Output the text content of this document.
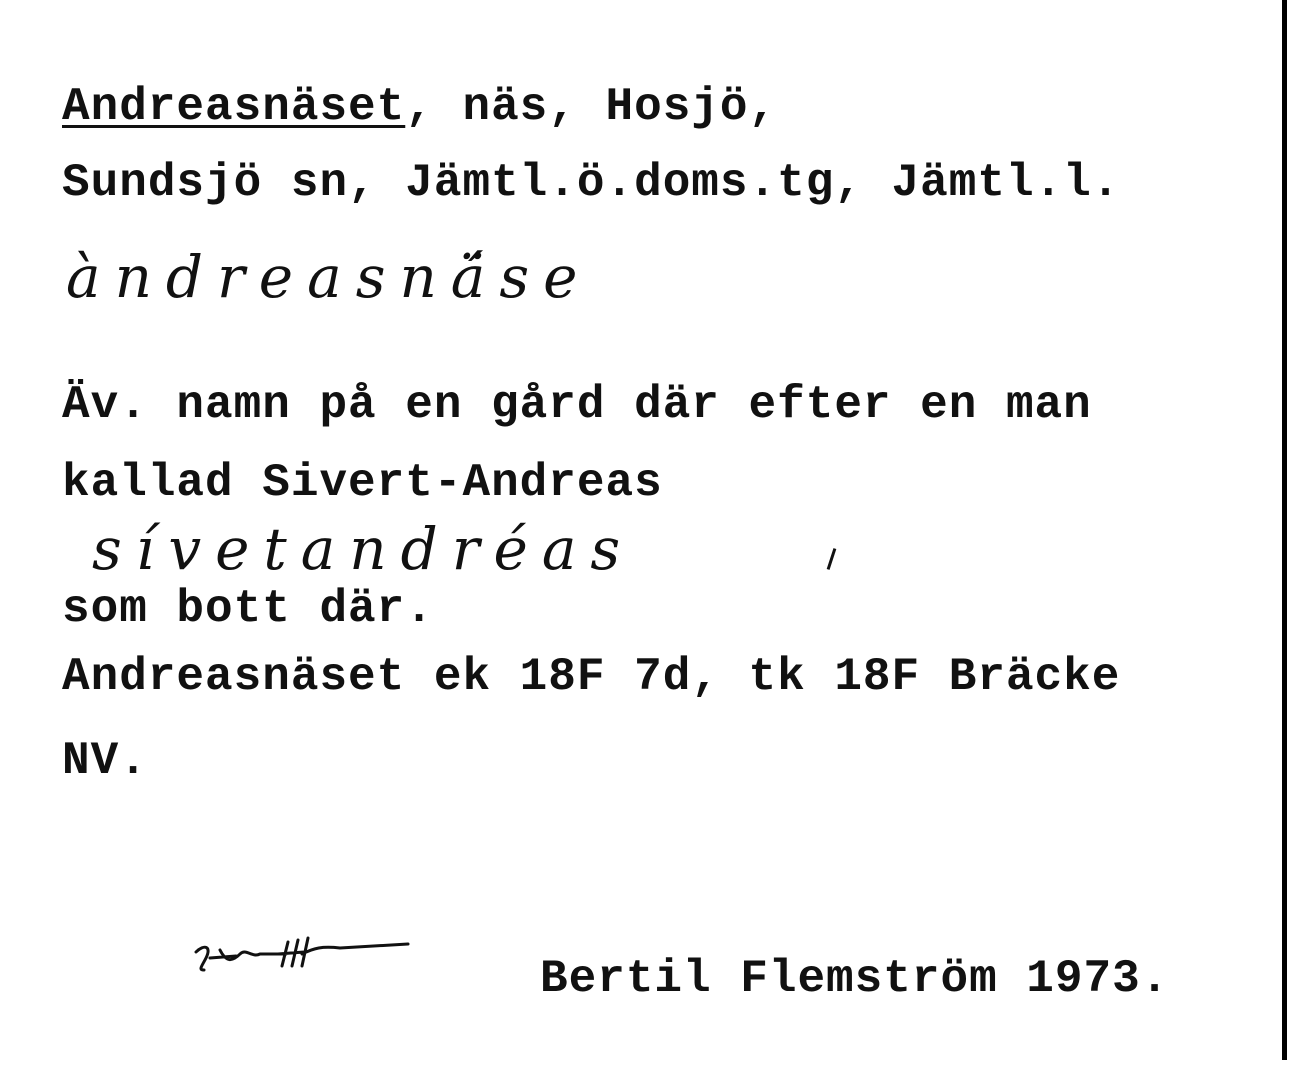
Andreasnäset, näs, Hosjö,
Sundsjö sn, Jämtl.ö.doms.tg, Jämtl.l.
àndreasnä́se
Äv. namn på en gård där efter en man
kallad Sivert-Andreas
sívetandréas
som bott där.
Andreasnäset ek 18F 7d, tk 18F Bräcke
NV.
Bertil Flemström 1973.
